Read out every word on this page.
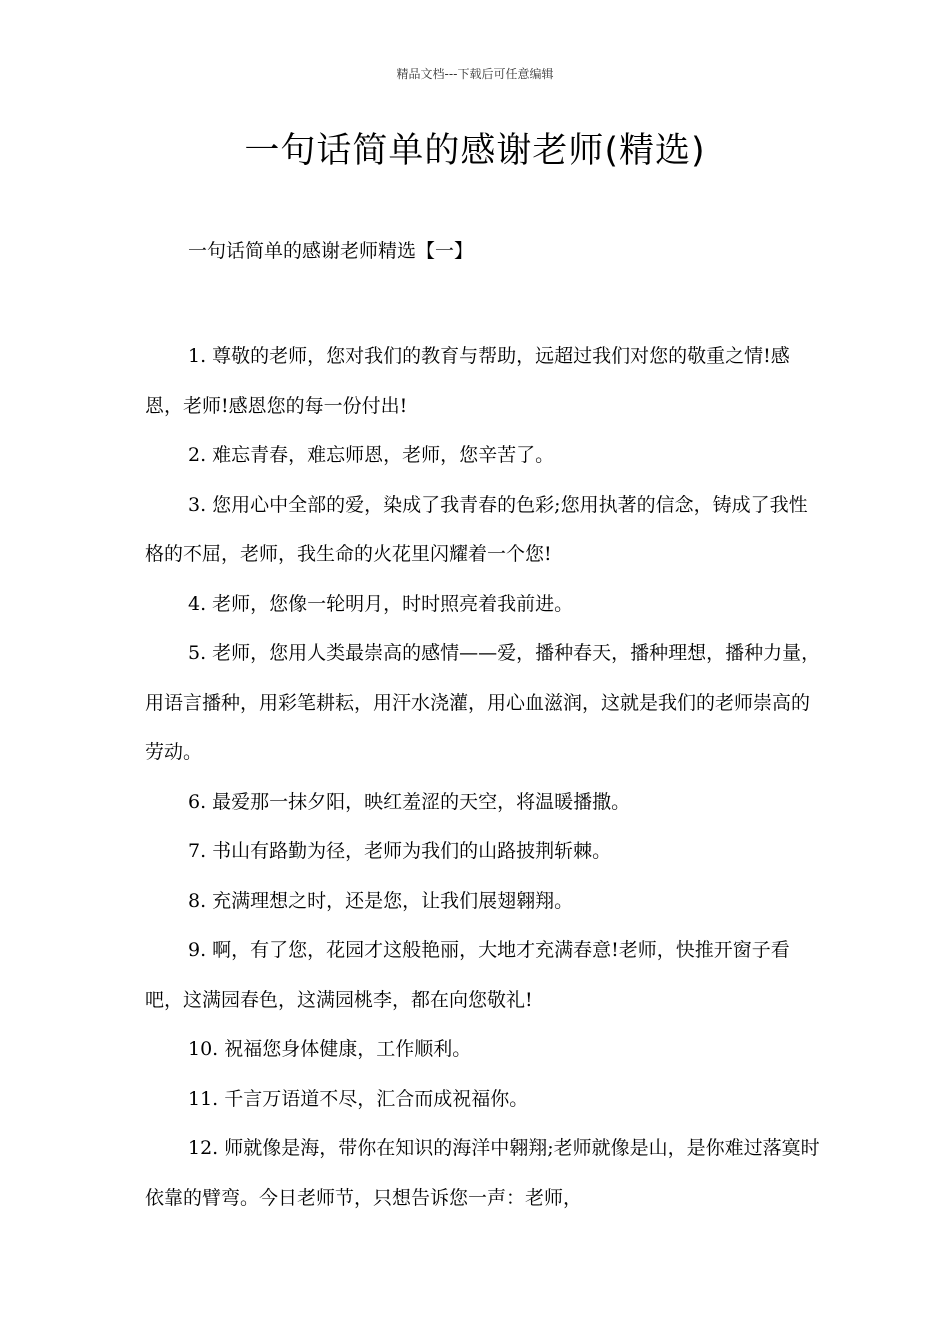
精品文档---下载后可任意编辑
一句话简单的感谢老师(精选)
一句话简单的感谢老师精选【一】

1. 尊敬的老师，您对我们的教育与帮助，远超过我们对您的敬重之情!感恩，老师!感恩您的每一份付出!

2. 难忘青春，难忘师恩，老师，您辛苦了。

3. 您用心中全部的爱，染成了我青春的色彩;您用执著的信念，铸成了我性格的不屈，老师，我生命的火花里闪耀着一个您!

4. 老师，您像一轮明月，时时照亮着我前进。

5. 老师，您用人类最崇高的感情——爱，播种春天，播种理想，播种力量，用语言播种，用彩笔耕耘，用汗水浇灌，用心血滋润，这就是我们的老师崇高的劳动。

6. 最爱那一抹夕阳，映红羞涩的天空，将温暖播撒。

7. 书山有路勤为径，老师为我们的山路披荆斩棘。

8. 充满理想之时，还是您，让我们展翅翱翔。

9. 啊，有了您，花园才这般艳丽，大地才充满春意!老师，快推开窗子看吧，这满园春色，这满园桃李，都在向您敬礼!

10. 祝福您身体健康，工作顺利。

11. 千言万语道不尽，汇合而成祝福你。

12. 师就像是海，带你在知识的海洋中翱翔;老师就像是山，是你难过落寞时依靠的臂弯。今日老师节，只想告诉您一声：老师，
